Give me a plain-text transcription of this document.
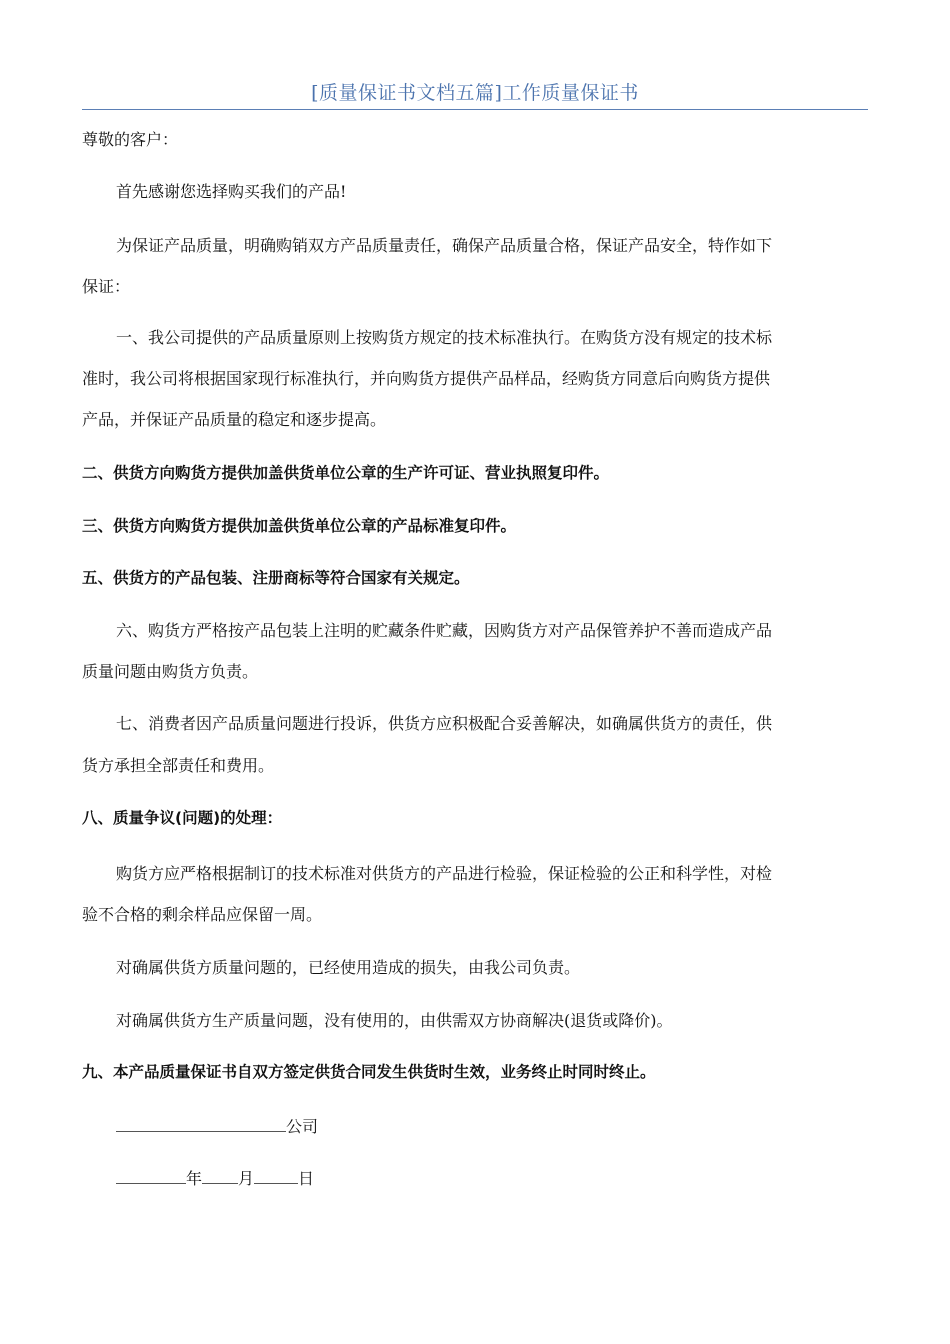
[质量保证书文档五篇]工作质量保证书
尊敬的客户：
首先感谢您选择购买我们的产品!
为保证产品质量，明确购销双方产品质量责任，确保产品质量合格，保证产品安全，特作如下
保证：
一、我公司提供的产品质量原则上按购货方规定的技术标准执行。在购货方没有规定的技术标
准时，我公司将根据国家现行标准执行，并向购货方提供产品样品，经购货方同意后向购货方提供
产品，并保证产品质量的稳定和逐步提高。
二、供货方向购货方提供加盖供货单位公章的生产许可证、营业执照复印件。
三、供货方向购货方提供加盖供货单位公章的产品标准复印件。
五、供货方的产品包装、注册商标等符合国家有关规定。
六、购货方严格按产品包装上注明的贮藏条件贮藏，因购货方对产品保管养护不善而造成产品
质量问题由购货方负责。
七、消费者因产品质量问题进行投诉，供货方应积极配合妥善解决，如确属供货方的责任，供
货方承担全部责任和费用。
八、质量争议(问题)的处理：
购货方应严格根据制订的技术标准对供货方的产品进行检验，保证检验的公正和科学性，对检
验不合格的剩余样品应保留一周。
对确属供货方质量问题的，已经使用造成的损失，由我公司负责。
对确属供货方生产质量问题，没有使用的，由供需双方协商解决(退货或降价)。
九、本产品质量保证书自双方签定供货合同发生供货时生效，业务终止时同时终止。
公司
年 月	日
